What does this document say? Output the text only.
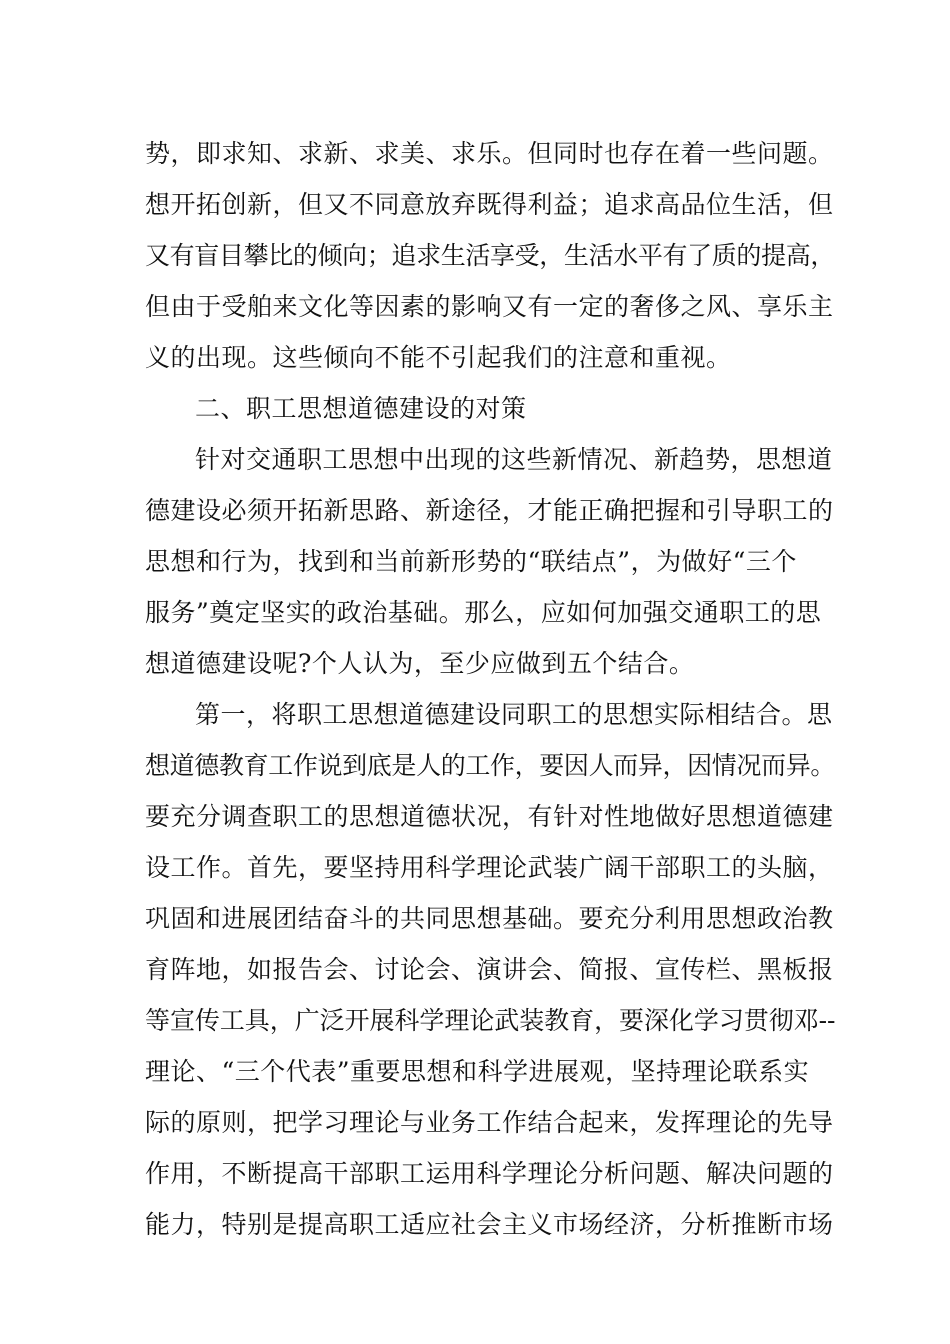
势，即求知、求新、求美、求乐。但同时也存在着一些问题。
想开拓创新，但又不同意放弃既得利益；追求高品位生活，但
又有盲目攀比的倾向；追求生活享受，生活水平有了质的提高，
但由于受舶来文化等因素的影响又有一定的奢侈之风、享乐主
义的出现。这些倾向不能不引起我们的注意和重视。
二、职工思想道德建设的对策
针对交通职工思想中出现的这些新情况、新趋势，思想道
德建设必须开拓新思路、新途径，才能正确把握和引导职工的
思想和行为，找到和当前新形势的“联结点”，为做好“三个
服务”奠定坚实的政治基础。那么，应如何加强交通职工的思
想道德建设呢?个人认为，至少应做到五个结合。
第一，将职工思想道德建设同职工的思想实际相结合。思
想道德教育工作说到底是人的工作，要因人而异，因情况而异。
要充分调查职工的思想道德状况，有针对性地做好思想道德建
设工作。首先，要坚持用科学理论武装广阔干部职工的头脑，
巩固和进展团结奋斗的共同思想基础。要充分利用思想政治教
育阵地，如报告会、讨论会、演讲会、简报、宣传栏、黑板报
等宣传工具，广泛开展科学理论武装教育，要深化学习贯彻邓--
理论、“三个代表”重要思想和科学进展观，坚持理论联系实
际的原则，把学习理论与业务工作结合起来，发挥理论的先导
作用，不断提高干部职工运用科学理论分析问题、解决问题的
能力，特别是提高职工适应社会主义市场经济，分析推断市场
